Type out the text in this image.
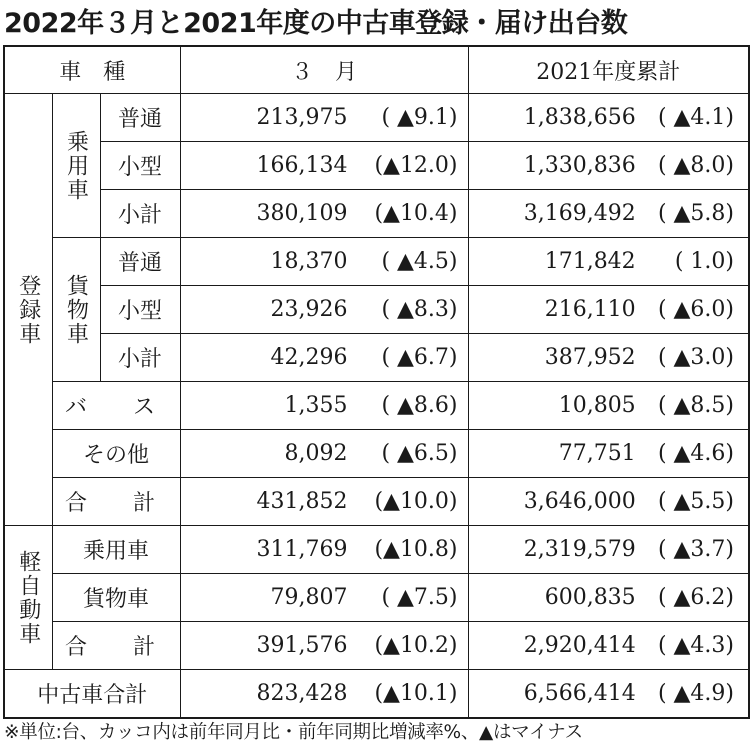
2022年３月と2021年度の中古車登録・届け出台数
車　種			３　月	2021年度累計
登録車	乗用車	普通	213,975 ( ▲9.1)	1,838,656 ( ▲4.1)

		小型	166,134 (▲12.0)	1,330,836 ( ▲8.0)

		小計	380,109 (▲10.4)	3,169,492 ( ▲5.8)

	貨物車	普通	18,370 ( ▲4.5)	171,842 ( 1.0)

		小型	23,926 ( ▲8.3)	216,110 ( ▲6.0)

		小計	42,296 ( ▲6.7)	387,952 ( ▲3.0)

	バ　ス		1,355 ( ▲8.6)	10,805 ( ▲8.5)

	その他		8,092 ( ▲6.5)	77,751 ( ▲4.6)

	合　計		431,852 (▲10.0)	3,646,000 ( ▲5.5)

軽自動車	乗用車		311,769 (▲10.8)	2,319,579 ( ▲3.7)

	貨物車		79,807 ( ▲7.5)	600,835 ( ▲6.2)

	合　計		391,576 (▲10.2)	2,920,414 ( ▲4.3)

中古車合計			823,428 (▲10.1)	6,566,414 ( ▲4.9)
※単位:台、カッコ内は前年同月比・前年同期比増減率%、▲はマイナス
